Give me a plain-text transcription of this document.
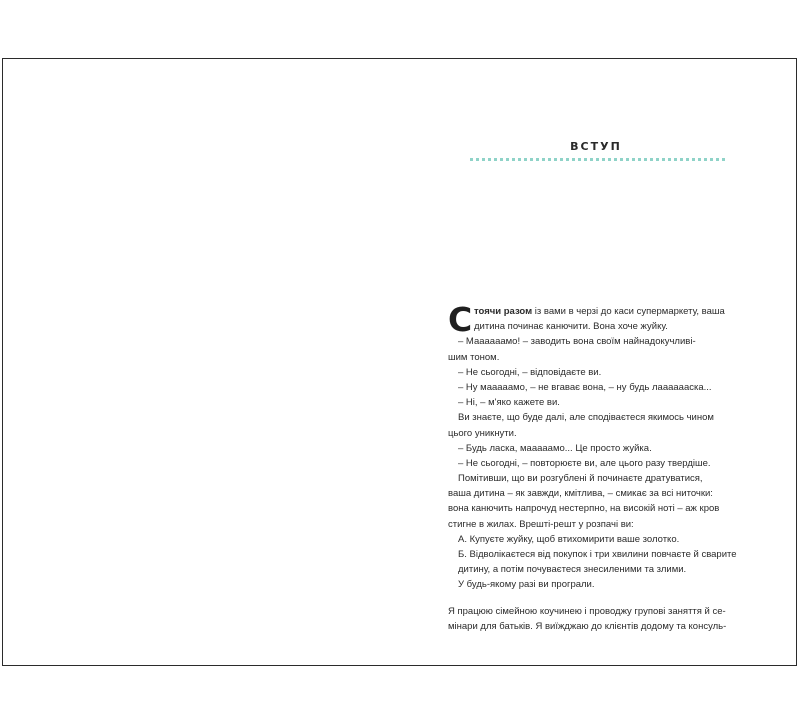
ВСТУП
С тоячи разом із вами в черзі до каси супермаркету, ваша
дитина починає канючити. Вона хоче жуйку.
– Маааааамо! – заводить вона своїм найнадокучливі-
шим тоном.
– Не сьогодні, – відповідаєте ви.
– Ну мааааамо, – не вгаває вона, – ну будь лааааааска...
– Ні, – м'яко кажете ви.
Ви знаєте, що буде далі, але сподіваєтеся якимось чином
цього уникнути.
– Будь ласка, мааааамо... Це просто жуйка.
– Не сьогодні, – повторюєте ви, але цього разу твердіше.
Помітивши, що ви розгублені й починаєте дратуватися,
ваша дитина – як завжди, кмітлива, – смикає за всі ниточки:
вона канючить напрочуд нестерпно, на високій ноті – аж кров
стигне в жилах. Врешті-решт у розпачі ви:
А. Купуєте жуйку, щоб втихомирити ваше золотко.
Б. Відволікаєтеся від покупок і три хвилини повчаєте й сварите дитину, а потім почуваєтеся знесиленими та злими.
У будь-якому разі ви програли.
Я працюю сімейною коучинею і проводжу групові заняття й се-
мінари для батьків. Я виїжджаю до клієнтів додому та консуль-
